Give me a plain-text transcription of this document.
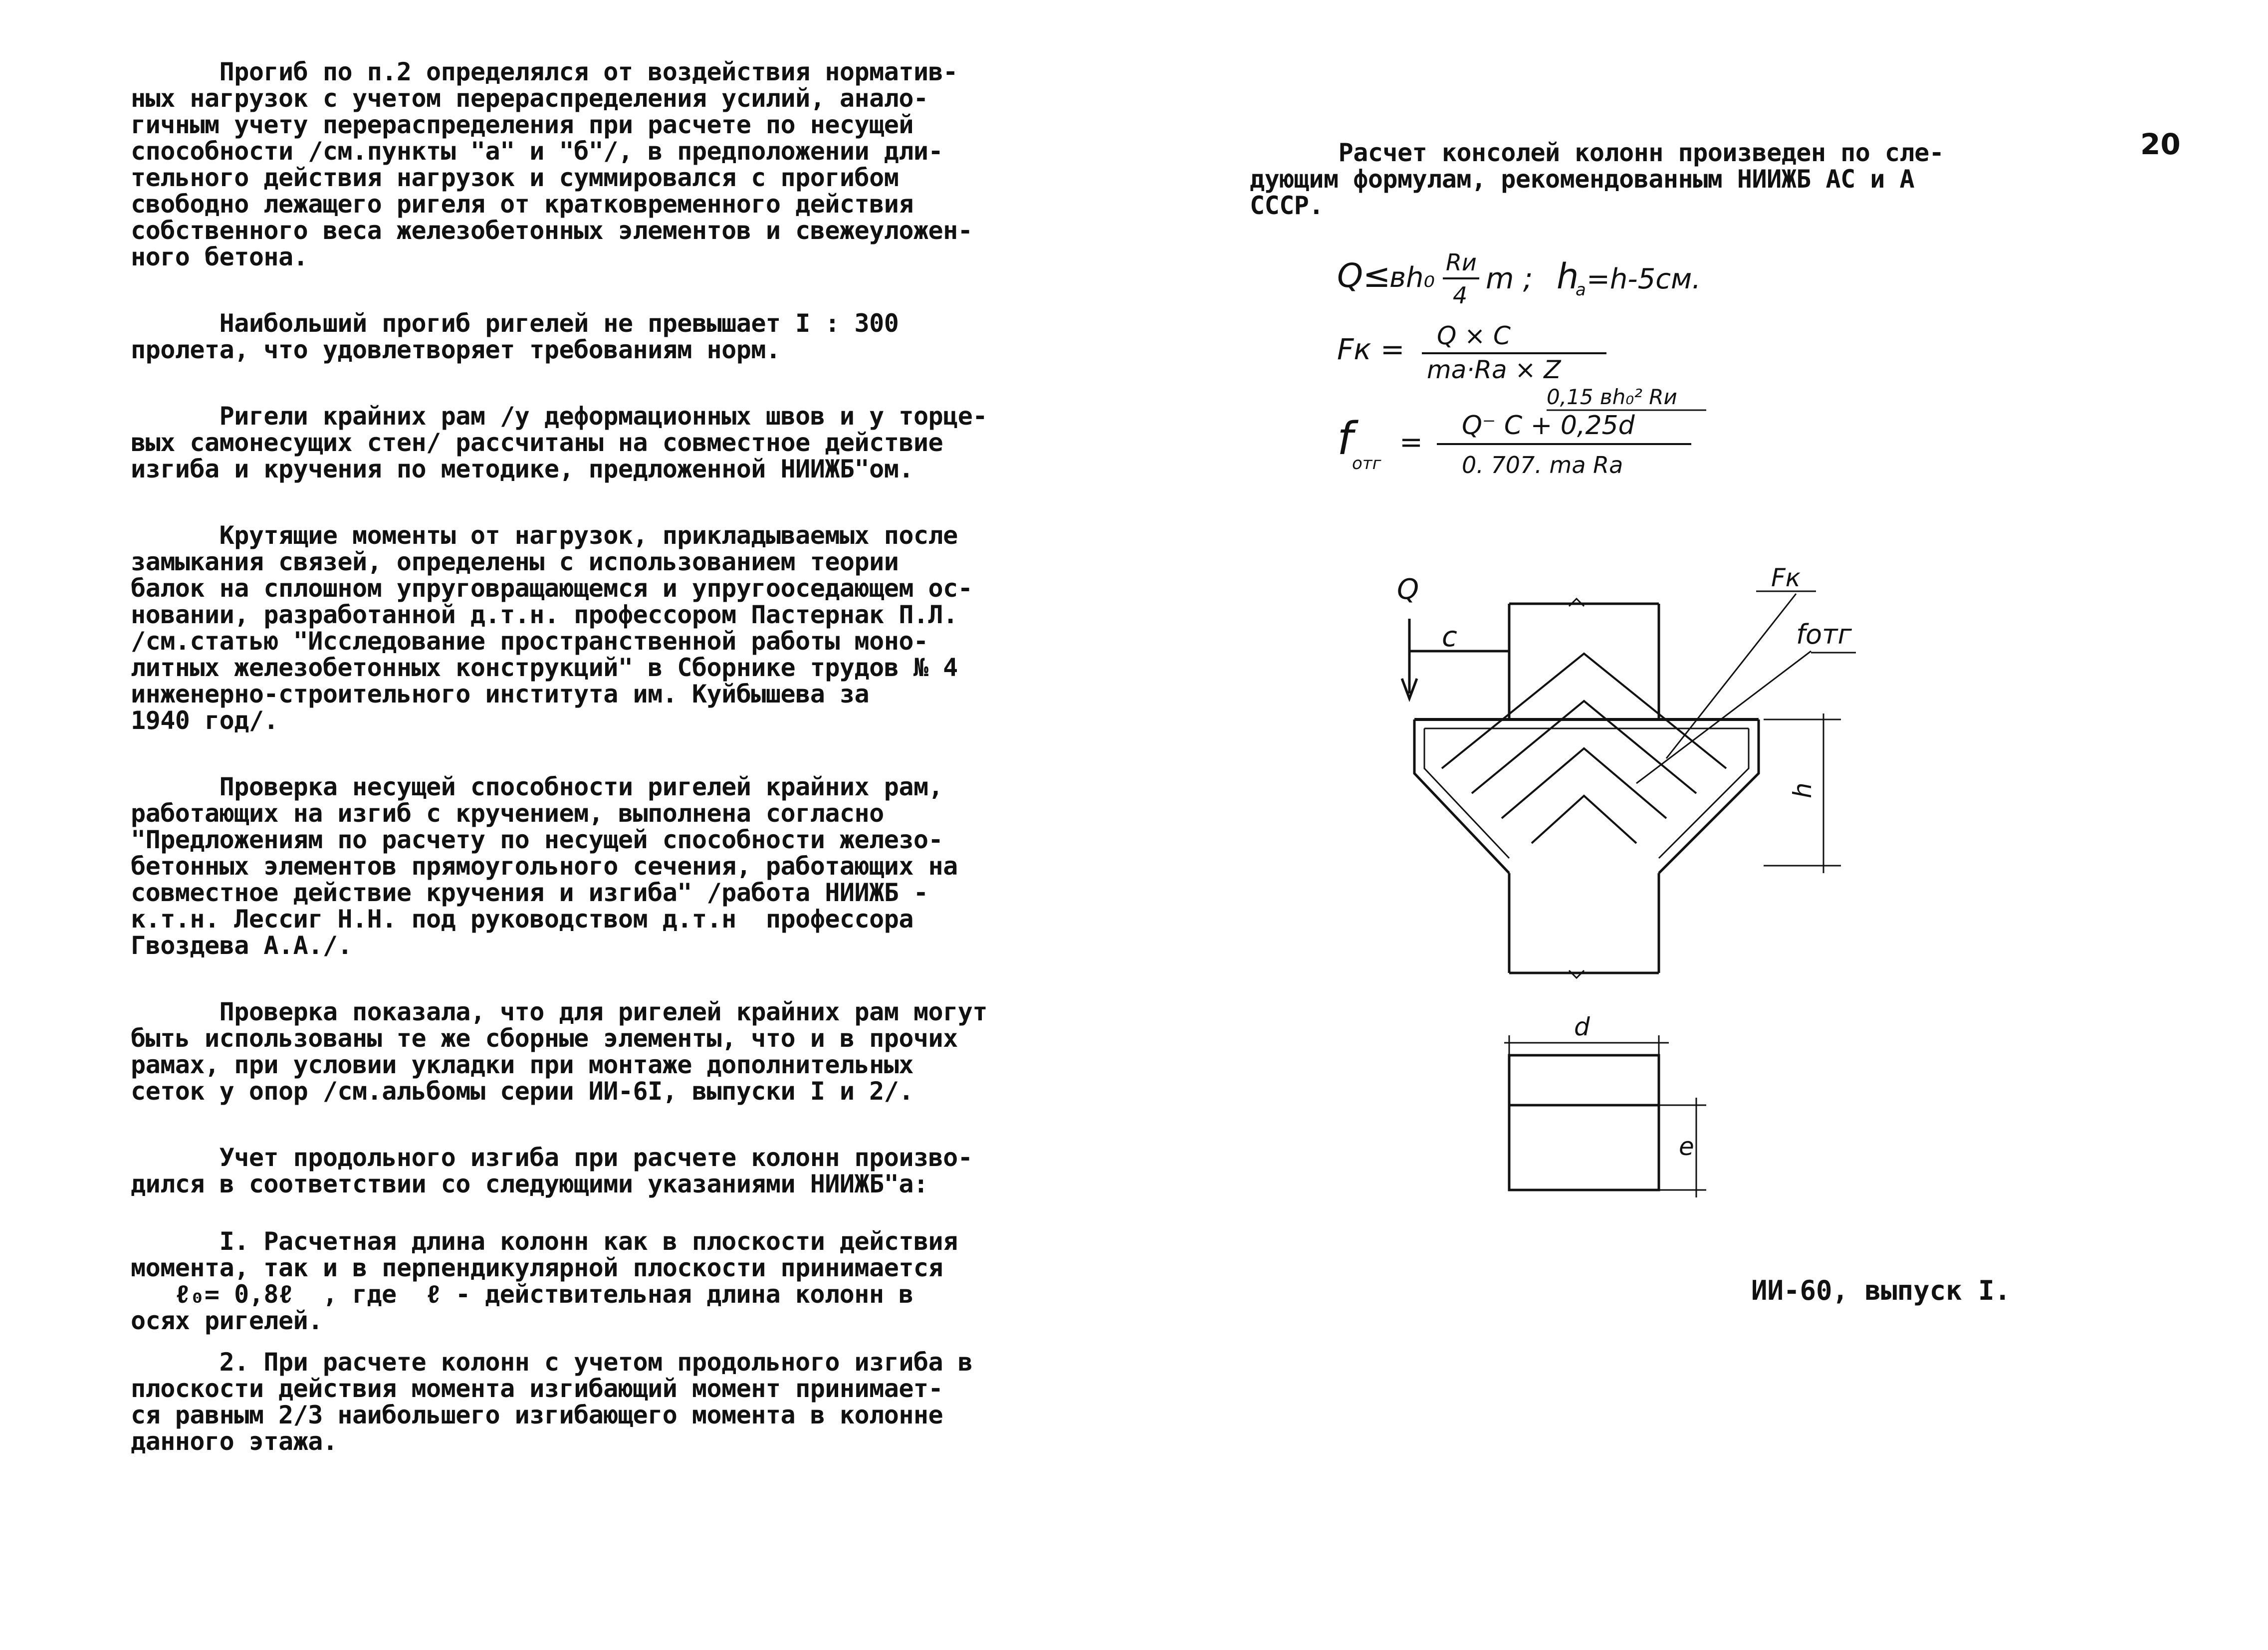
20

Прогиб по п.2 определялся от воздействия норматив-
ных нагрузок с учетом перераспределения усилий, анало-
гичным учету перераспределения при расчете по несущей
способности /см.пункты "а" и "б"/, в предположении дли-
тельного действия нагрузок и суммировался с прогибом
свободно лежащего ригеля от кратковременного действия
собственного веса железобетонных элементов и свежеуложен-
ного бетона.

Наибольший прогиб ригелей не превышает I : 300
пролета, что удовлетворяет требованиям норм.

Ригели крайних рам /у деформационных швов и у торце-
вых самонесущих стен/ рассчитаны на совместное действие
изгиба и кручения по методике, предложенной НИИЖБ"ом.

Крутящие моменты от нагрузок, прикладываемых после
замыкания связей, определены с использованием теории
балок на сплошном упруговращающемся и упругооседающем ос-
новании, разработанной д.т.н. профессором Пастернак П.Л.
/см.статью "Исследование пространственной работы моно-
литных железобетонных конструкций" в Сборнике трудов № 4
инженерно-строительного института им. Куйбышева за
1940 год/.

Проверка несущей способности ригелей крайних рам,
работающих на изгиб с кручением, выполнена согласно
"Предложениям по расчету по несущей способности железо-
бетонных элементов прямоугольного сечения, работающих на
совместное действие кручения и изгиба" /работа НИИЖБ -
к.т.н. Лессиг Н.Н. под руководством д.т.н  профессора
Гвоздева А.А./.

Проверка показала, что для ригелей крайних рам могут
быть использованы те же сборные элементы, что и в прочих
рамах, при условии укладки при монтаже дополнительных
сеток у опор /см.альбомы серии ИИ-6I, выпуски I и 2/.

Учет продольного изгиба при расчете колонн произво-
дился в соответствии со следующими указаниями НИИЖБ"а:

I. Расчетная длина колонн как в плоскости действия
момента, так и в перпендикулярной плоскости принимается
ℓ₀= 0,8ℓ  , где  ℓ - действительная длина колонн в
осях ригелей.

2. При расчете колонн с учетом продольного изгиба в
плоскости действия момента изгибающий момент принимает-
ся равным 2/3 наибольшего изгибающего момента в колонне
данного этажа.

Расчет консолей колонн произведен по сле-
дующим формулам, рекомендованным НИИЖБ АС и А
СССР.
Q≤
вh₀ Rи
4 m ; h
a =h-5см.
Fк = Q × C
ma·Ra × Z
0,15 вh₀² Rи
f
отг
=
Q⁻ C + 0,25d
0. 707. ma Ra
Q
c
Fк
fотг
h
d
e
ИИ-60, выпуск I.
